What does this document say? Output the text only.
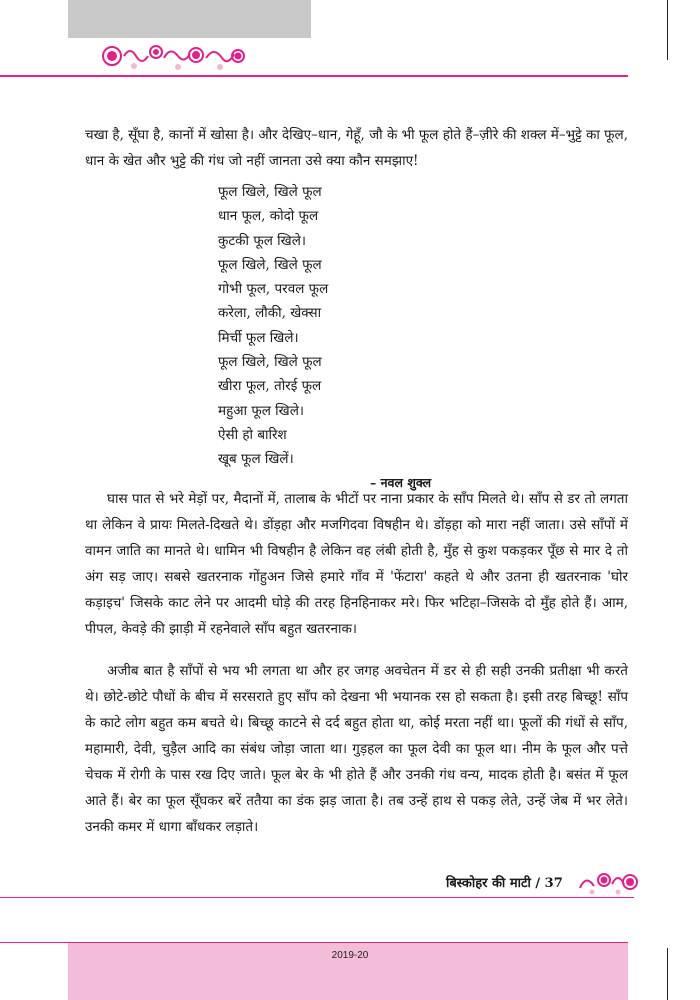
चखा है, सूँघा है, कानों में खोसा है। और देखिए–धान, गेहूँ, जौ के भी फूल होते हैं–ज़ीरे की शक्ल में–भुट्टे का फूल, धान के खेत और भुट्टे की गंध जो नहीं जानता उसे क्या कौन समझाए!

फूल खिले, खिले फूल
धान फूल, कोदो फूल
कुटकी फूल खिले।
फूल खिले, खिले फूल
गोभी फूल, परवल फूल
करेला, लौकी, खेक्सा
मिर्ची फूल खिले।
फूल खिले, खिले फूल
खीरा फूल, तोरई फूल
महुआ फूल खिले।
ऐसी हो बारिश
खूब फूल खिलें।
– नवल शुक्ल

घास पात से भरे मेड़ों पर, मैदानों में, तालाब के भीटों पर नाना प्रकार के साँप मिलते थे। साँप से डर तो लगता था लेकिन वे प्रायः मिलते-दिखते थे। डोंड़हा और मजगिदवा विषहीन थे। डोंड़हा को मारा नहीं जाता। उसे साँपों में वामन जाति का मानते थे। धामिन भी विषहीन है लेकिन वह लंबी होती है, मुँह से कुश पकड़कर पूँछ से मार दे तो अंग सड़ जाए। सबसे खतरनाक गोंहुअन जिसे हमारे गाँव में 'फेंटारा' कहते थे और उतना ही खतरनाक 'घोर कड़ाइच' जिसके काट लेने पर आदमी घोड़े की तरह हिनहिनाकर मरे। फिर भटिहा–जिसके दो मुँह होते हैं। आम, पीपल, केवड़े की झाड़ी में रहनेवाले साँप बहुत खतरनाक।

अजीब बात है साँपों से भय भी लगता था और हर जगह अवचेतन में डर से ही सही उनकी प्रतीक्षा भी करते थे। छोटे-छोटे पौधों के बीच में सरसराते हुए साँप को देखना भी भयानक रस हो सकता है। इसी तरह बिच्छू! साँप के काटे लोग बहुत कम बचते थे। बिच्छू काटने से दर्द बहुत होता था, कोई मरता नहीं था। फूलों की गंधों से साँप, महामारी, देवी, चुड़ैल आदि का संबंध जोड़ा जाता था। गुड़हल का फूल देवी का फूल था। नीम के फूल और पत्ते चेचक में रोगी के पास रख दिए जाते। फूल बेर के भी होते हैं और उनकी गंध वन्य, मादक होती है। बसंत में फूल आते हैं। बेर का फूल सूँघकर बरें ततैया का डंक झड़ जाता है। तब उन्हें हाथ से पकड़ लेते, उन्हें जेब में भर लेते। उनकी कमर में धागा बाँधकर लड़ाते।

बिस्कोहर की माटी / 37
2019-20
